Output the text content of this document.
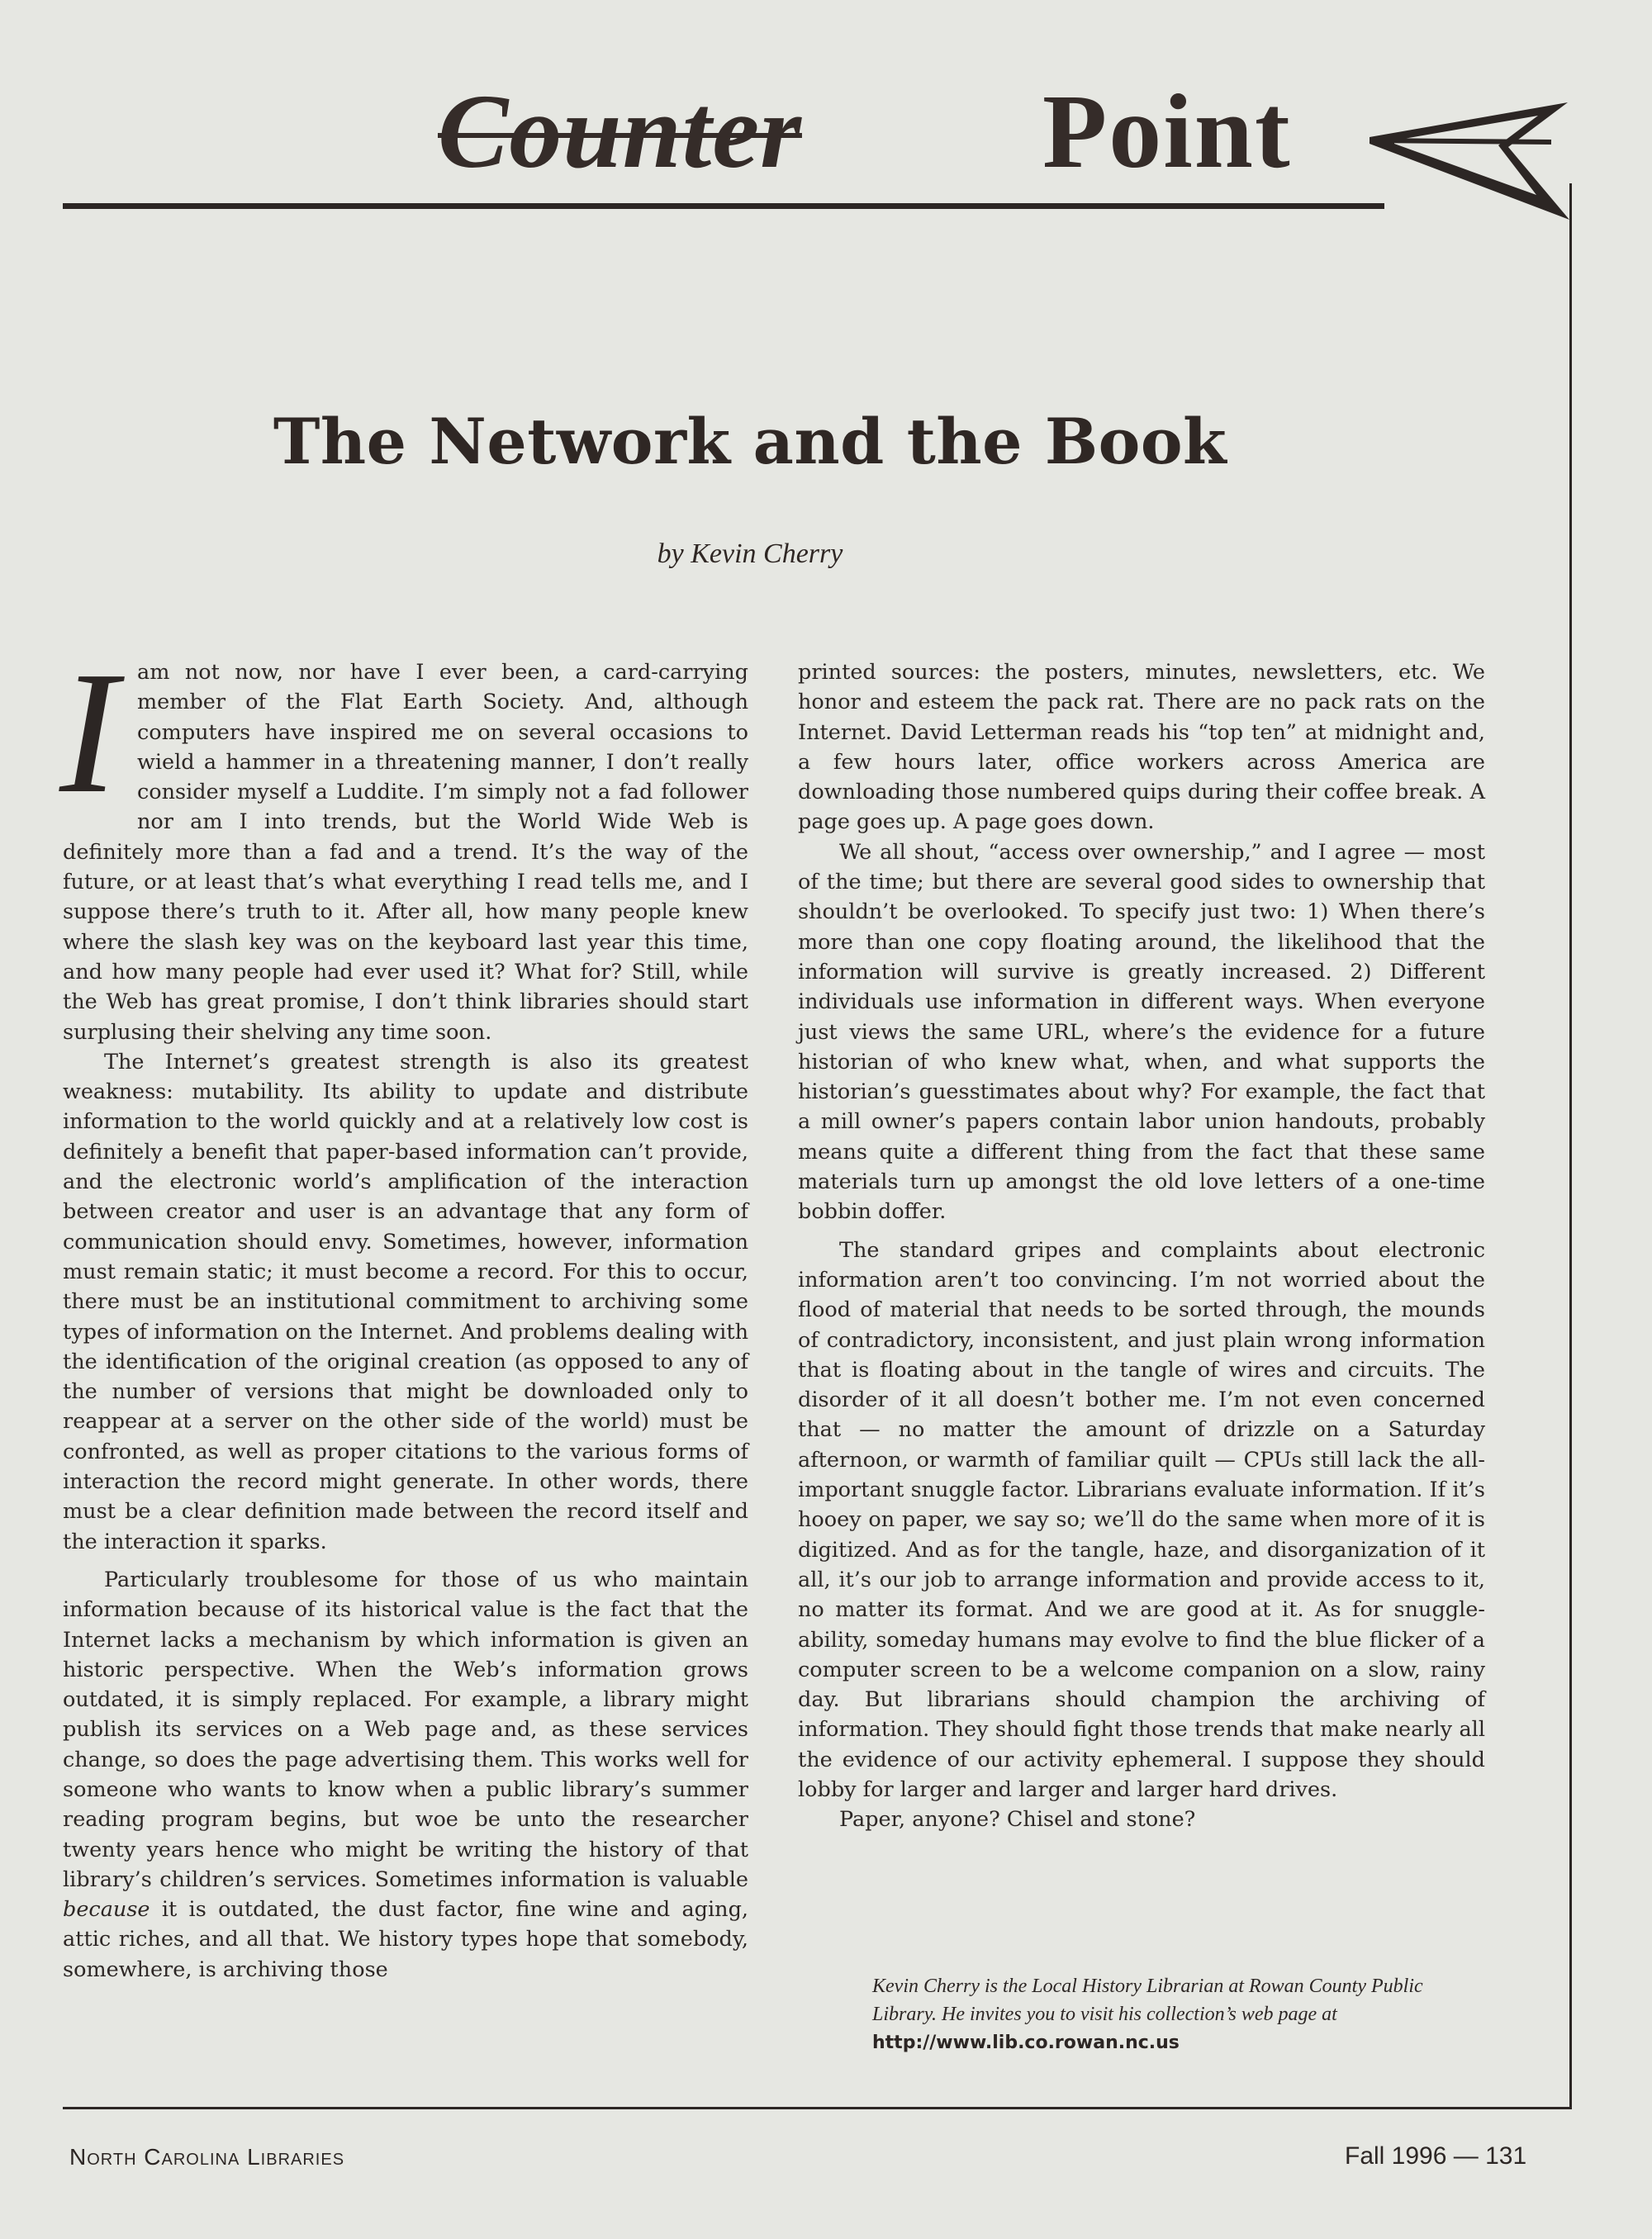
Counter Point
The Network and the Book
by Kevin Cherry

Iam not now, nor have I ever been, a card-carrying member of the Flat Earth Society. And, although computers have inspired me on several occasions to wield a hammer in a threatening manner, I don’t really consider myself a Luddite. I’m simply not a fad follower nor am I into trends, but the World Wide Web is definitely more than a fad and a trend. It’s the way of the future, or at least that’s what everything I read tells me, and I suppose there’s truth to it. After all, how many people knew where the slash key was on the keyboard last year this time, and how many people had ever used it? What for? Still, while the Web has great promise, I don’t think libraries should start surplusing their shelving any time soon.

The Internet’s greatest strength is also its greatest weakness: mutability. Its ability to update and distribute information to the world quickly and at a relatively low cost is definitely a benefit that paper-based information can’t provide, and the electronic world’s amplification of the interaction between creator and user is an advantage that any form of communication should envy. Sometimes, however, information must remain static; it must become a record. For this to occur, there must be an institutional commitment to archiving some types of information on the Internet. And problems dealing with the identification of the original creation (as opposed to any of the number of versions that might be downloaded only to reappear at a server on the other side of the world) must be confronted, as well as proper citations to the various forms of interaction the record might generate. In other words, there must be a clear definition made between the record itself and the interaction it sparks.

Particularly troublesome for those of us who maintain information because of its historical value is the fact that the Internet lacks a mechanism by which information is given an historic perspective. When the Web’s information grows outdated, it is simply replaced. For example, a library might publish its services on a Web page and, as these services change, so does the page advertising them. This works well for someone who wants to know when a public library’s summer reading program begins, but woe be unto the researcher twenty years hence who might be writing the history of that library’s children’s services. Sometimes information is valuable because it is outdated, the dust factor, fine wine and aging, attic riches, and all that. We history types hope that somebody, somewhere, is archiving those

printed sources: the posters, minutes, newsletters, etc. We honor and esteem the pack rat. There are no pack rats on the Internet. David Letterman reads his “top ten” at midnight and, a few hours later, office workers across America are downloading those numbered quips during their coffee break. A page goes up. A page goes down.

We all shout, “access over ownership,” and I agree — most of the time; but there are several good sides to ownership that shouldn’t be overlooked. To specify just two: 1) When there’s more than one copy floating around, the likelihood that the information will survive is greatly increased. 2) Different individuals use information in different ways. When everyone just views the same URL, where’s the evidence for a future historian of who knew what, when, and what supports the historian’s guesstimates about why? For example, the fact that a mill owner’s papers contain labor union handouts, probably means quite a different thing from the fact that these same materials turn up amongst the old love letters of a one-time bobbin doffer.

The standard gripes and complaints about electronic information aren’t too convincing. I’m not worried about the flood of material that needs to be sorted through, the mounds of contradictory, inconsistent, and just plain wrong information that is floating about in the tangle of wires and circuits. The disorder of it all doesn’t bother me. I’m not even concerned that — no matter the amount of drizzle on a Saturday afternoon, or warmth of familiar quilt — CPUs still lack the all-important snuggle factor. Librarians evaluate information. If it’s hooey on paper, we say so; we’ll do the same when more of it is digitized. And as for the tangle, haze, and disorganization of it all, it’s our job to arrange information and provide access to it, no matter its format. And we are good at it. As for snuggle-ability, someday humans may evolve to find the blue flicker of a computer screen to be a welcome companion on a slow, rainy day. But librarians should champion the archiving of information. They should fight those trends that make nearly all the evidence of our activity ephemeral. I suppose they should lobby for larger and larger and larger hard drives.

Paper, anyone? Chisel and stone?

Kevin Cherry is the Local History Librarian at Rowan County Public Library. He invites you to visit his collection’s web page at http://www.lib.co.rowan.nc.us
North Carolina Libraries	Fall 1996 — 131
